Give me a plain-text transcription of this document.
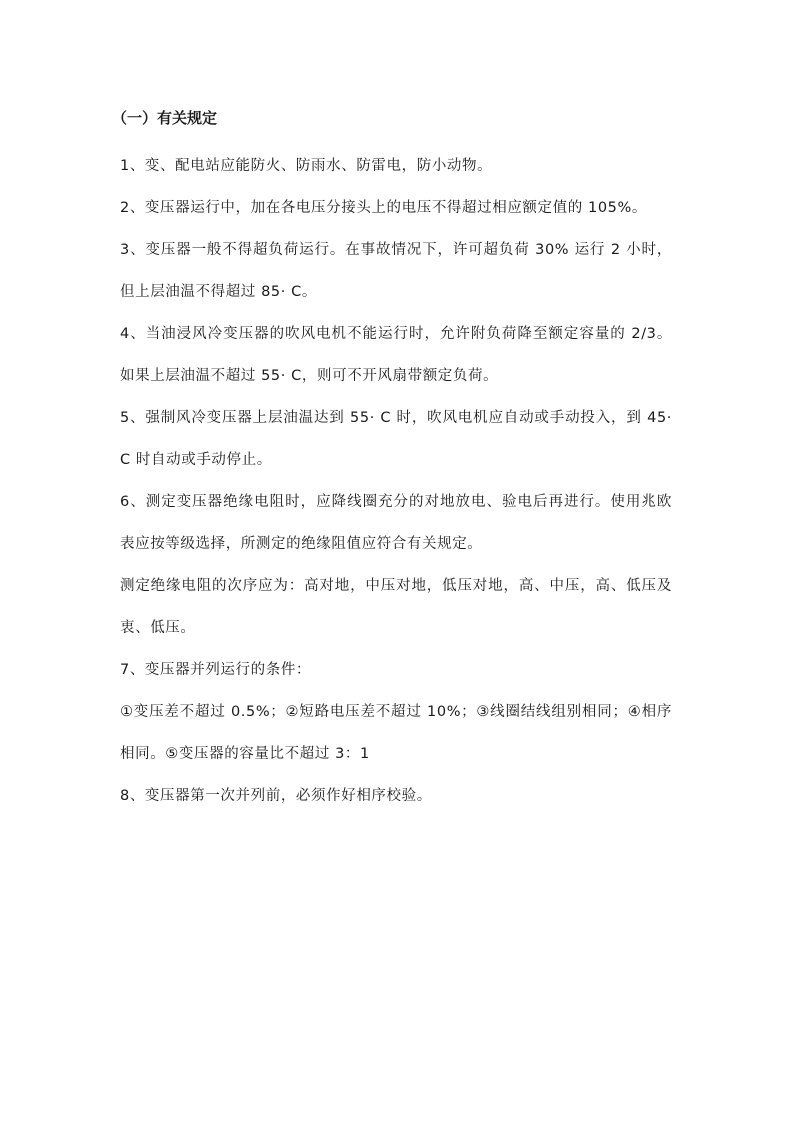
（一）有关规定

1、变、配电站应能防火、防雨水、防雷电，防小动物。

2、变压器运行中，加在各电压分接头上的电压不得超过相应额定值的 105%。

3、变压器一般不得超负荷运行。在事故情况下，许可超负荷 30% 运行 2 小时，但上层油温不得超过 85· C。

4、当油浸风冷变压器的吹风电机不能运行时，允许附负荷降至额定容量的 2/3。如果上层油温不超过 55· C，则可不开风扇带额定负荷。

5、强制风冷变压器上层油温达到 55· C 时，吹风电机应自动或手动投入，到 45· C 时自动或手动停止。

6、测定变压器绝缘电阻时，应降线圈充分的对地放电、验电后再进行。使用兆欧表应按等级选择，所测定的绝缘阻值应符合有关规定。

测定绝缘电阻的次序应为：高对地，中压对地，低压对地，高、中压，高、低压及衷、低压。

7、变压器并列运行的条件：

①变压差不超过 0.5%；②短路电压差不超过 10%；③线圈结线组别相同；④相序相同。⑤变压器的容量比不超过 3：1

8、变压器第一次并列前，必须作好相序校验。
